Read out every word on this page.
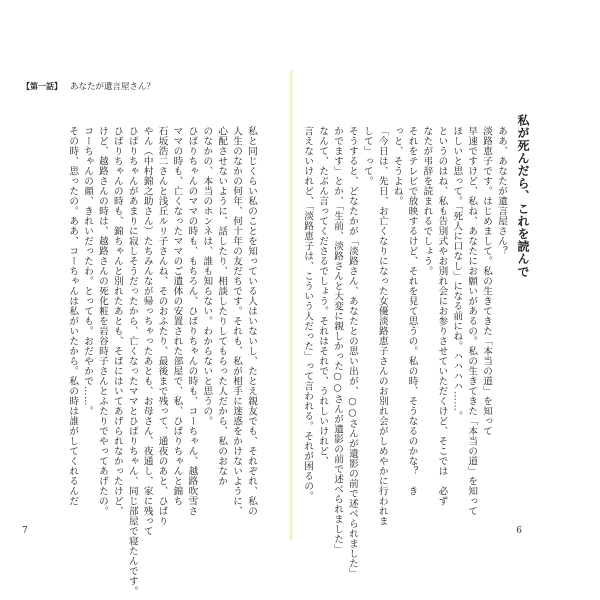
【第一話】 あなたが遺言屋さん？
私と同じくらい私のことを知っている人はいないし、たとえ親友でも、それぞれ、私の
人生のなかの何年、何十年の友だちです。それも、私が相手に迷惑をかけないように、
心配させないように、話したり、相談したりしてもらった人だから、私のおなか
のなかの、本当のホンネは、誰も知らない。わからないと思うの。
ひばりちゃんのママの時も、もちろん、ひばりちゃんの時も、コーちゃん、越路吹雪さ
ママの時も、亡くなったママのご遺体の安置された部屋で、私、ひばりちゃんと錦ち
石坂浩二さんと浅丘ルリ子さんね、そのおふたり、最後まで残って、通夜のあと、ひばり
やん（中村錦之助さん）たちみんなが帰っちゃったあとも、お母さん、夜通し、家に残って
ひばりちゃんがあまりに寂しそうだったから、亡くなったママとひばりちゃん、同じ部屋で寝たんです。
ひばりちゃんの時も、錦ちゃんと別れたあとも、そばにはいてあげられなかったけど、
けど、越路さんの時は、越路さんの死化粧を岩谷時子さんとふたりでやってあげたの。
コーちゃんの顔、きれいだったわ。とっても。おだやかで……。
その時、思ったの。ああ、コーちゃんは私がいたから。私の時は誰がしてくれるんだ
7
私が死んだら、これを読んで
ああ、あなたが遺言屋さん？
淡路恵子です。はじめまして。私の生きてきた「本当の道」を知って
早速ですけど、私ね、あなたにお願いがあるの。私の生きてきた「本当の道」を知って
ほしいと思って。「死人に口なし」になる前にね。ハハハハ……。
というのはね、私も告別式やお別れ会にお参りさせていただくけど、そこでは　必ず
なたが弔辞を読まれるでしょう。
それをテレビで放映するけど、それを見て思うの。私の時、そうなるのかな？　き
っと、そうよね。
「今日は、先日、お亡くなりになった女優淡路恵子さんのお別れ会がしめやかに行われま
して」って。
そうすると、どなたかが「淡路さん、あなたとの思い出が、○○さんが遺影の前で述べられました」
かでます」とか、「生前、淡路さんと大変に親しかった○○さんが遺影の前で述べられました」
なんて、たぶん言ってくださるでしょう。それはそれで、うれしいけれど、
言えないけれど、「淡路恵子は、こういう人だった」って言われる。それが困るの。
6
